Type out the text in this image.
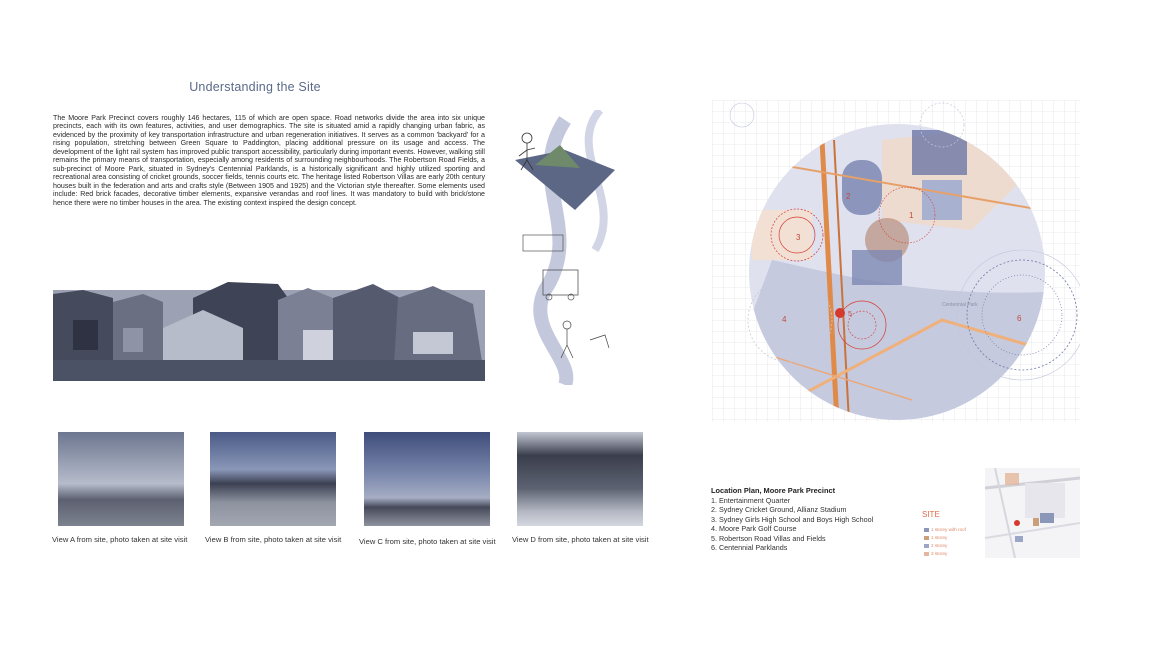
Understanding the Site
The Moore Park Precinct covers roughly 146 hectares, 115 of which are open space. Road networks divide the area into six unique precincts, each with its own features, activities, and user demographics. The site is situated amid a rapidly changing urban fabric, as evidenced by the proximity of key transportation infrastructure and urban regeneration initiatives. It serves as a common 'backyard' for a rising population, stretching between Green Square to Paddington, placing additional pressure on its usage and access. The development of the light rail system has improved public transport accessibility, particularly during important events. However, walking still remains the primary means of transportation, especially among residents of surrounding neighbourhoods. The Robertson Road Fields, a sub-precinct of Moore Park, situated in Sydney's Centennial Parklands, is a historically significant and highly utilized sporting and recreational area consisting of cricket grounds, soccer fields, tennis courts etc. The heritage listed Robertson Villas are early 20th century houses built in the federation and arts and crafts style (Between 1905 and 1925) and the Victorian style thereafter. Some elements used include: Red brick facades, decorative timber elements, expansive verandas and roof lines. It was mandatory to build with brick/stone hence there were no timber houses in the area. The existing context inspired the design concept.
View A from site, photo taken at site visit	View B from site, photo taken at site visit	View C from site, photo taken at site visit	View D from site, photo taken at site visit
2
1
3
4
5	6
Centennial Park
Location Plan, Moore Park Precinct
1. Entertainment Quarter
2. Sydney Cricket Ground, Allianz Stadium
3. Sydney Girls High School and Boys High School
4. Moore Park Golf Course
5. Robertson Road Villas and Fields
6. Centennial Parklands
SITE
1 storey with roof
1 storey
2 storey
3 storey
